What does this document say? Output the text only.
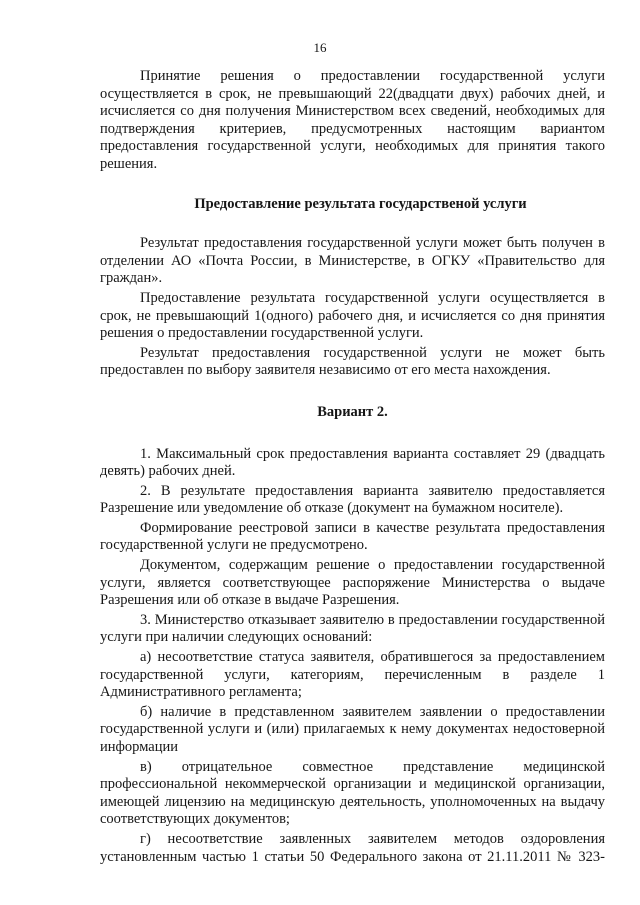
16

Принятие решения о предоставлении государственной услуги осуществляется в срок, не превышающий 22(двадцати двух) рабочих дней, и исчисляется со дня получения Министерством всех сведений, необходимых для подтверждения критериев, предусмотренных настоящим вариантом предоставления государственной услуги, необходимых для принятия такого решения.

Предоставление результата государственой услуги

Результат предоставления государственной услуги может быть получен в отделении АО «Почта России, в Министерстве, в ОГКУ «Правительство для граждан».

Предоставление результата государственной услуги осуществляется в срок, не превышающий 1(одного) рабочего дня, и исчисляется со дня принятия решения о предоставлении государственной услуги.

Результат предоставления государственной услуги не может быть предоставлен по выбору заявителя независимо от его места нахождения.

Вариант 2.

1. Максимальный срок предоставления варианта составляет 29 (двадцать девять) рабочих дней.

2. В результате предоставления варианта заявителю предоставляется Разрешение или уведомление об отказе (документ на бумажном носителе).

Формирование реестровой записи в качестве результата предоставления государственной услуги не предусмотрено.

Документом, содержащим решение о предоставлении государственной услуги, является соответствующее распоряжение Министерства о выдаче Разрешения или об отказе в выдаче Разрешения.

3. Министерство отказывает заявителю в предоставлении государственной услуги при наличии следующих оснований:

а) несоответствие статуса заявителя, обратившегося за предоставлением государственной услуги, категориям, перечисленным в разделе 1 Административного регламента;

б) наличие в представленном заявителем заявлении о предоставлении государственной услуги и (или) прилагаемых к нему документах недостоверной информации

в) отрицательное совместное представление медицинской профессиональной некоммерческой организации и медицинской организации, имеющей лицензию на медицинскую деятельность, уполномоченных на выдачу соответствующих документов;

г) несоответствие заявленных заявителем методов оздоровления установленным частью 1 статьи 50 Федерального закона от 21.11.2011 № 323-
